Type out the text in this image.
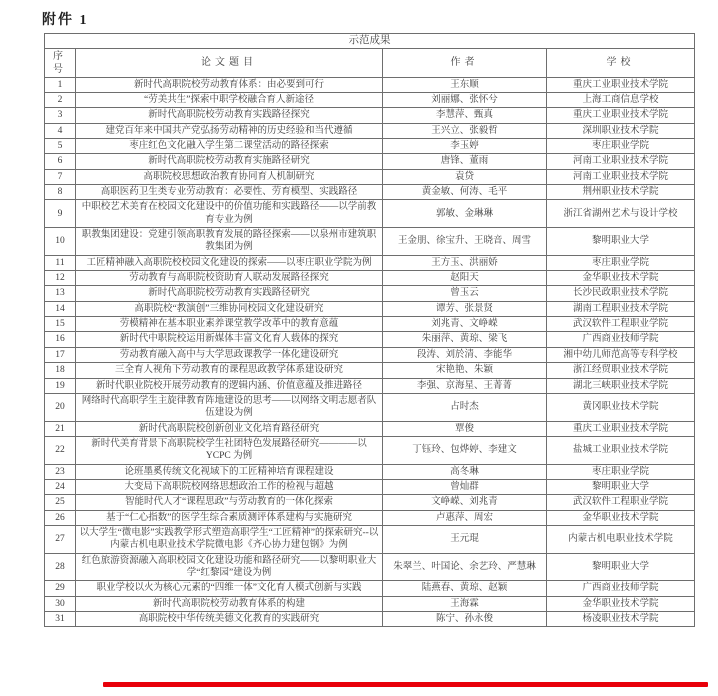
附件 1
示范成果			
序号	论文题目	作者	学校
1	新时代高职院校劳动教育体系：由必要到可行	王东顺	重庆工业职业技术学院
2	“劳美共生”探索中职学校融合育人新途径	刘丽娜、张怀兮	上海工商信息学校
3	新时代高职院校劳动教育实践路径探究	李慧萍、甄真	重庆工业职业技术学院
4	建党百年来中国共产党弘扬劳动精神的历史经验和当代遵循	王兴立、张毅哲	深圳职业技术学院
5	枣庄红色文化融入学生第二课堂活动的路径探索	李玉婷	枣庄职业学院
6	新时代高职院校劳动教育实施路径研究	唐锋、董雨	河南工业职业技术学院
7	高职院校思想政治教育协同育人机制研究	袁贷	河南工业职业技术学院
8	高职医药卫生类专业劳动教育：必要性、劳育模型、实践路径	黄金敏、何涛、毛平	荆州职业技术学院
9	中职校艺术美育在校园文化建设中的价值功能和实践路径——以学前教育专业为例	郭敏、金琳琳	浙江省湖州艺术与设计学校
10	职教集团建设：党建引领高职教育发展的路径探索——以泉州市建筑职教集团为例	王金朋、徐宝升、王晓音、周雪	黎明职业大学
11	工匠精神融入高职院校校园文化建设的探索——以枣庄职业学院为例	王方玉、洪丽娇	枣庄职业学院
12	劳动教育与高职院校资助育人联动发展路径探究	赵阳天	金华职业技术学院
13	新时代高职院校劳动教育实践路径研究	曾玉云	长沙民政职业技术学院
14	高职院校“教演创”三维协同校园文化建设研究	谭芳、张景贤	湖南工程职业技术学院
15	劳模精神在基本职业素养课堂教学改革中的教育意蕴	刘兆青、文峥嵘	武汉软件工程职业学院
16	新时代中职院校运用新媒体丰富文化育人载体的探究	朱丽萍、黄琼、梁飞	广西商业技师学院
17	劳动教育融入高中与大学思政课教学一体化建设研究	段涛、刘於清、李能华	湘中幼儿师范高等专科学校
18	三全育人视角下劳动教育的课程思政教学体系建设研究	宋艳艳、朱颖	浙江经贸职业技术学院
19	新时代职业院校开展劳动教育的逻辑内涵、价值意蕴及推进路径	李强、京海星、王菁菁	湖北三峡职业技术学院
20	网络时代高职学生主旋律教育阵地建设的思考——以网络文明志愿者队伍建设为例	占时杰	黄冈职业技术学院
21	新时代高职院校创新创业文化培育路径研究	覃俊	重庆工业职业技术学院
22	新时代美育背景下高职院校学生社团特色发展路径研究————以 YCPC 为例	丁钰玲、包烨婷、李建文	盐城工业职业技术学院
23	论班墨奚传统文化视域下的工匠精神培育课程建设	高冬琳	枣庄职业学院
24	大变局下高职院校网络思想政治工作的检视与超越	曾灿群	黎明职业大学
25	智能时代人才“课程思政”与劳动教育的一体化探索	文峥嵘、刘兆青	武汉软件工程职业学院
26	基于“仁心指数”的医学生综合素质测评体系建构与实施研究	卢惠萍、周宏	金华职业技术学院
27	以大学生“微电影”实践教学形式塑造高职学生“工匠精神”的探索研究--以内蒙古机电职业技术学院微电影《齐心协力建包钢》为例	王元琨	内蒙古机电职业技术学院
28	红色旅游资源融入高职校园文化建设功能和路径研究——以黎明职业大学“红黎园”建设为例	朱翠兰、叶国论、余艺玲、严慧琳	黎明职业大学
29	职业学校以火为核心元素的“四维一体”文化育人模式创新与实践	陆燕春、黄琼、赵颖	广西商业技师学院
30	新时代高职院校劳动教育体系的构建	王海霖	金华职业技术学院
31	高职院校中华传统美德文化教育的实践研究	陈宁、孙永俊	杨凌职业技术学院
